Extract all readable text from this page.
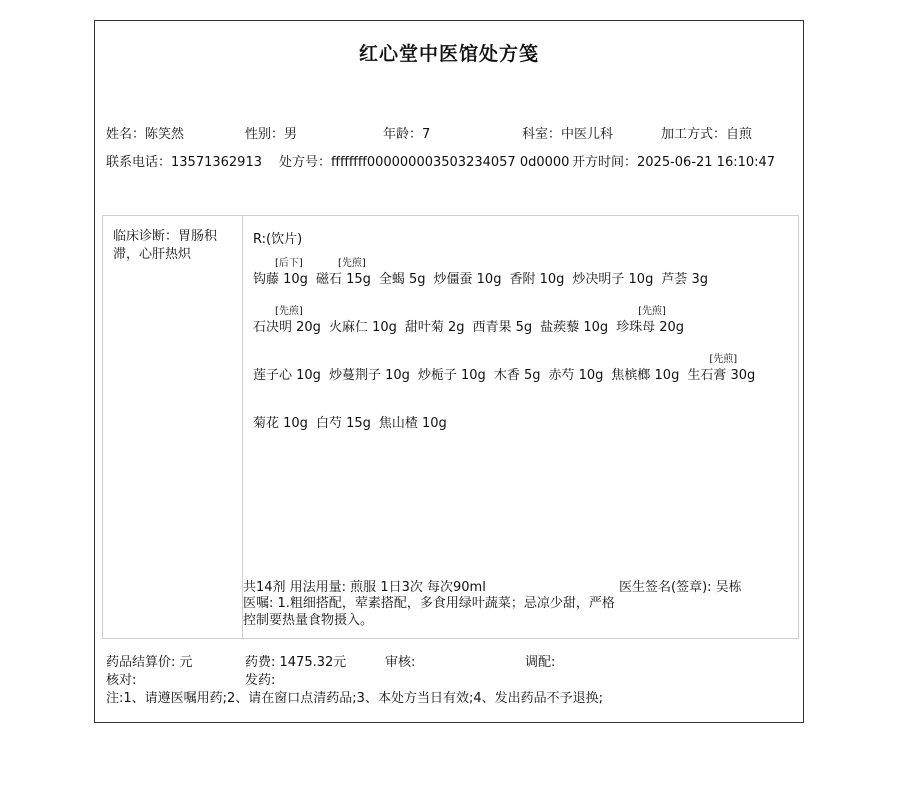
红心堂中医馆处方笺
姓名：陈笑然	性别：男	年龄：7	科室：中医儿科	加工方式：自煎
联系电话：13571362913 处方号：ffffffff000000003503234057 0d0000 开方时间：2025-06-21 16:10:47
临床诊断：胃肠积滞，心肝热炽
R:(饮片)
[后下]
钩藤 10g
[先煎]
磁石 15g 全蝎 5g 炒僵蚕 10g 香附 10g 炒决明子 10g 芦荟 3g
[先煎]
石决明 20g 火麻仁 10g 甜叶菊 2g 西青果 5g 盐蒺藜 10g
[先煎]
珍珠母 20g
莲子心 10g 炒蔓荆子 10g 炒栀子 10g 木香 5g 赤芍 10g 焦槟榔 10g
[先煎]
生石膏 30g
菊花 10g 白芍 15g 焦山楂 10g
共14剂 用法用量: 煎服 1日3次 每次90ml	医生签名(签章): 吴栋
医嘱: 1.粗细搭配，荤素搭配，多食用绿叶蔬菜；忌凉少甜，严格控制要热量食物摄入。
药品结算价: 元	药费: 1475.32元	审核:	调配:
核对:	发药:
注:1、请遵医嘱用药;2、请在窗口点清药品;3、本处方当日有效;4、发出药品不予退换;
